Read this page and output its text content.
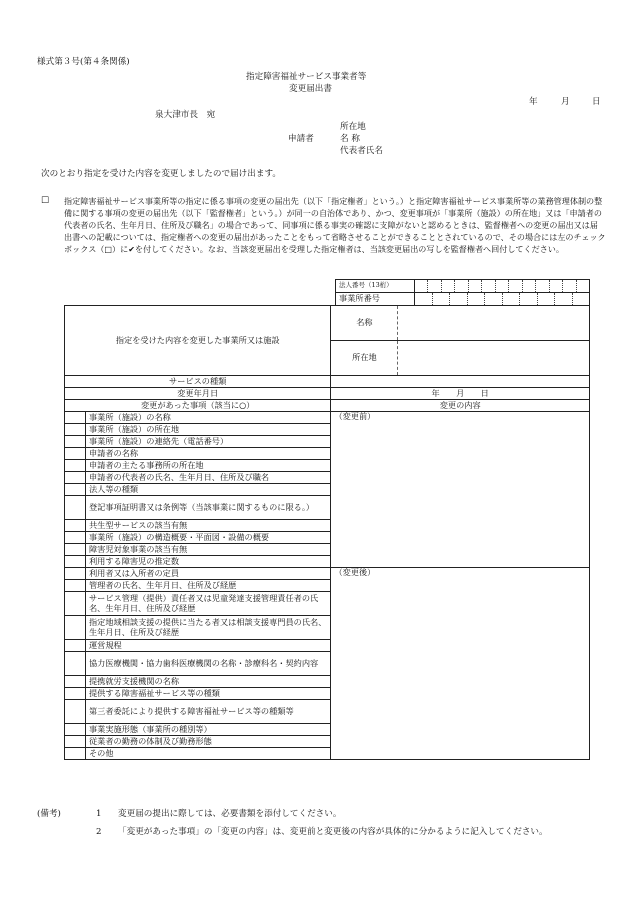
様式第３号(第４条関係)
指定障害福祉サービス事業者等
変更届出書
年	月	日
泉大津市長　宛
所在地
申請者	名 称
代表者氏名
次のとおり指定を受けた内容を変更しましたので届け出ます。
□ 指定障害福祉サービス事業所等の指定に係る事項の変更の届出先（以下「指定権者」という。）と指定障害福祉サービス事業所等の業務管理体制の整備に関する事項の変更の届出先（以下「監督権者」という。）が同一の自治体であり、かつ、変更事項が「事業所（施設）の所在地」又は「申請者の代表者の氏名、生年月日、住所及び職名」の場合であって、同事項に係る事実の確認に支障がないと認めるときは、監督権者への変更の届出又は届出書への記載については、指定権者への変更の届出があったことをもって省略させることができることとされているので、その場合には左のチェックボックス（□）に✔を付してください。なお、当該変更届出を受理した指定権者は、当該変更届出の写しを監督権者へ回付してください。
法人番号（13桁）	

事業所番号	
指定を受けた内容を変更した事業所又は施設		名称

所在地

サービスの種類		
変更年月日		年　　月　　日
変更があった事項（該当に○）		変更の内容
	事業所（施設）の名称	（変更前）
	事業所（施設）の所在地	
	事業所（施設）の連絡先（電話番号）	
	申請者の名称	
	申請者の主たる事務所の所在地	
	申請者の代表者の氏名、生年月日、住所及び職名	
	法人等の種類	
	登記事項証明書又は条例等（当該事業に関するものに限る。）	
	共生型サービスの該当有無	
	事業所（施設）の構造概要・平面図・設備の概要	
	障害児対象事業の該当有無	
	利用する障害児の推定数	
	利用者又は入所者の定員	（変更後）
	管理者の氏名、生年月日、住所及び経歴	
	サービス管理（提供）責任者又は児童発達支援管理責任者の氏名、生年月日、住所及び経歴	
	指定地域相談支援の提供に当たる者又は相談支援専門員の氏名、生年月日、住所及び経歴	
	運営規程	
	協力医療機関・協力歯科医療機関の名称・診療科名・契約内容	
	提携就労支援機関の名称	
	提供する障害福祉サービス等の種類	
	第三者委託により提供する障害福祉サービス等の種類等	
	事業実施形態（事業所の種別等）	
	従業者の勤務の体制及び勤務形態	
	その他	
(備考)	1 変更届の提出に際しては、必要書類を添付してください。
2 「変更があった事項」の「変更の内容」は、変更前と変更後の内容が具体的に分かるように記入してください。
